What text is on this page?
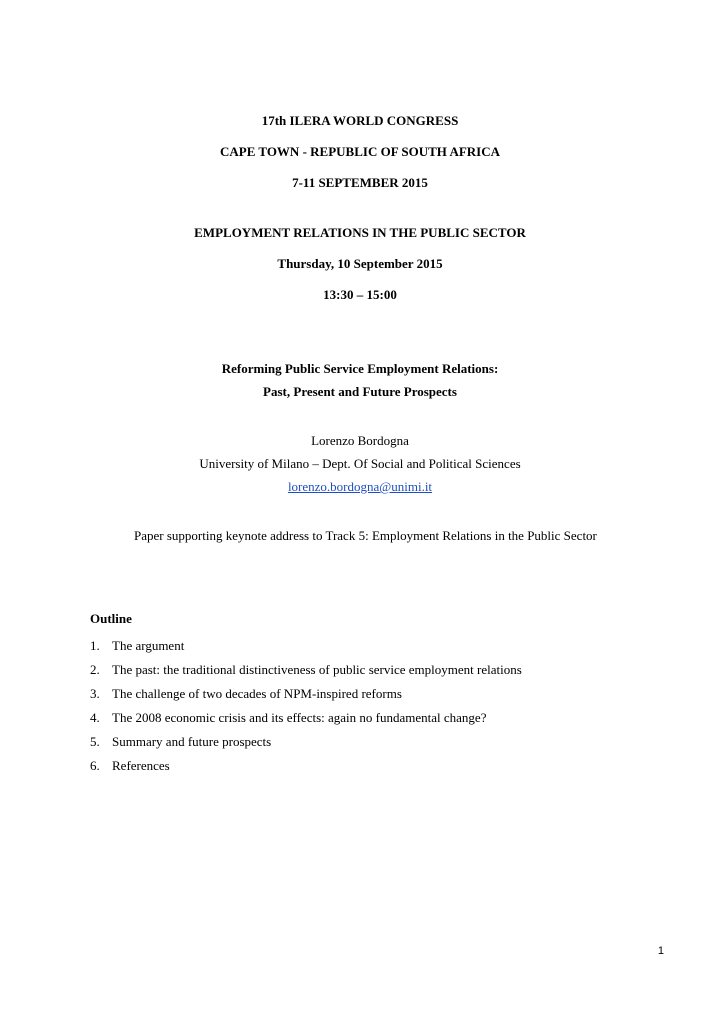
17th ILERA WORLD CONGRESS
CAPE TOWN - REPUBLIC OF SOUTH AFRICA
7-11 SEPTEMBER 2015
EMPLOYMENT RELATIONS IN THE PUBLIC SECTOR
Thursday, 10 September 2015
13:30 – 15:00
Reforming Public Service Employment Relations:
Past, Present and Future Prospects
Lorenzo Bordogna
University of Milano – Dept. Of Social and Political Sciences
lorenzo.bordogna@unimi.it
Paper supporting keynote address to Track 5: Employment Relations in the Public Sector
Outline
1. The argument
2. The past: the traditional distinctiveness of public service employment relations
3. The challenge of two decades of NPM-inspired reforms
4. The 2008 economic crisis and its effects: again no fundamental change?
5. Summary and future prospects
6. References
1
